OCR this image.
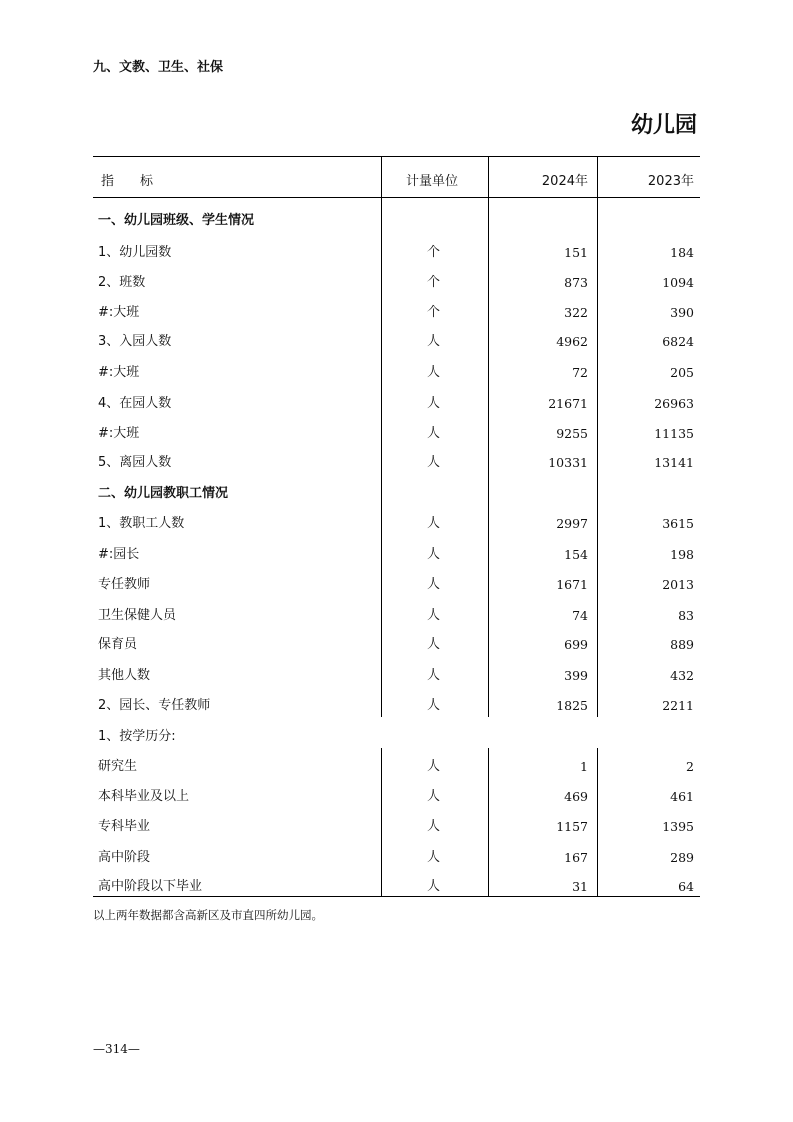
九、文教、卫生、社保
幼儿园
指　　标	计量单位	2024年	2023年
一、幼儿园班级、学生情况
1、幼儿园数	个	151	184
2、班数	个	873	1094
#:大班	个	322	390
3、入园人数	人	4962	6824
#:大班	人	72	205
4、在园人数	人	21671	26963
#:大班	人	9255	11135
5、离园人数	人	10331	13141
二、幼儿园教职工情况
1、教职工人数	人	2997	3615
#:园长	人	154	198
专任教师	人	1671	2013
卫生保健人员	人	74	83
保育员	人	699	889
其他人数	人	399	432
2、园长、专任教师	人	1825	2211
1、按学历分:
研究生	人	1	2
本科毕业及以上	人	469	461
专科毕业	人	1157	1395
高中阶段	人	167	289
高中阶段以下毕业	人	31	64
以上两年数据都含高新区及市直四所幼儿园。
—314—
